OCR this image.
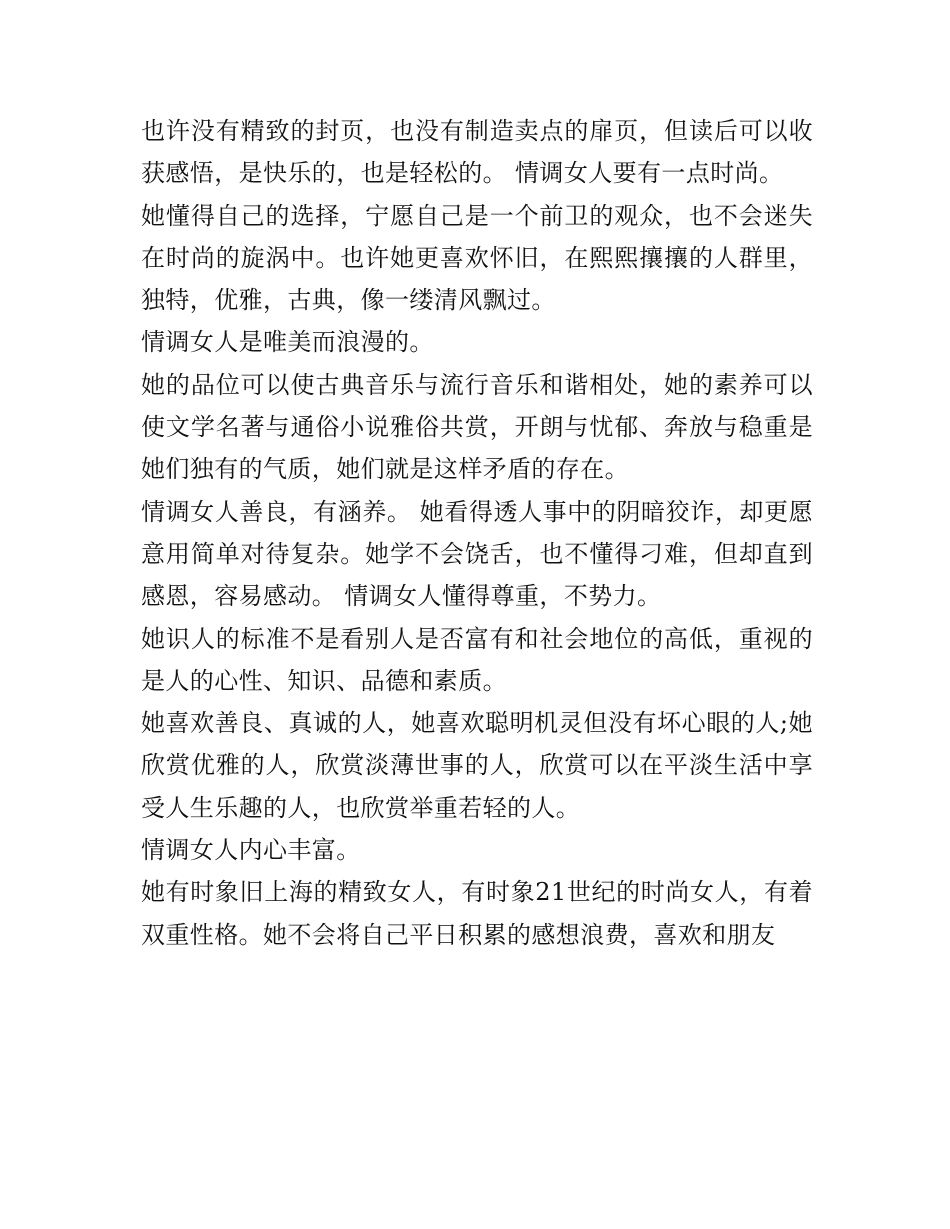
也许没有精致的封页，也没有制造卖点的扉页，但读后可以收获感悟，是快乐的，也是轻松的。 情调女人要有一点时尚。

她懂得自己的选择，宁愿自己是一个前卫的观众，也不会迷失在时尚的旋涡中。也许她更喜欢怀旧，在熙熙攘攘的人群里，独特，优雅，古典，像一缕清风飘过。

情调女人是唯美而浪漫的。

她的品位可以使古典音乐与流行音乐和谐相处，她的素养可以使文学名著与通俗小说雅俗共赏，开朗与忧郁、奔放与稳重是她们独有的气质，她们就是这样矛盾的存在。

情调女人善良，有涵养。 她看得透人事中的阴暗狡诈，却更愿意用简单对待复杂。她学不会饶舌，也不懂得刁难，但却直到感恩，容易感动。 情调女人懂得尊重，不势力。

她识人的标准不是看别人是否富有和社会地位的高低，重视的是人的心性、知识、品德和素质。

她喜欢善良、真诚的人，她喜欢聪明机灵但没有坏心眼的人;她欣赏优雅的人，欣赏淡薄世事的人，欣赏可以在平淡生活中享受人生乐趣的人，也欣赏举重若轻的人。

情调女人内心丰富。

她有时象旧上海的精致女人，有时象21世纪的时尚女人，有着双重性格。她不会将自己平日积累的感想浪费，喜欢和朋友
